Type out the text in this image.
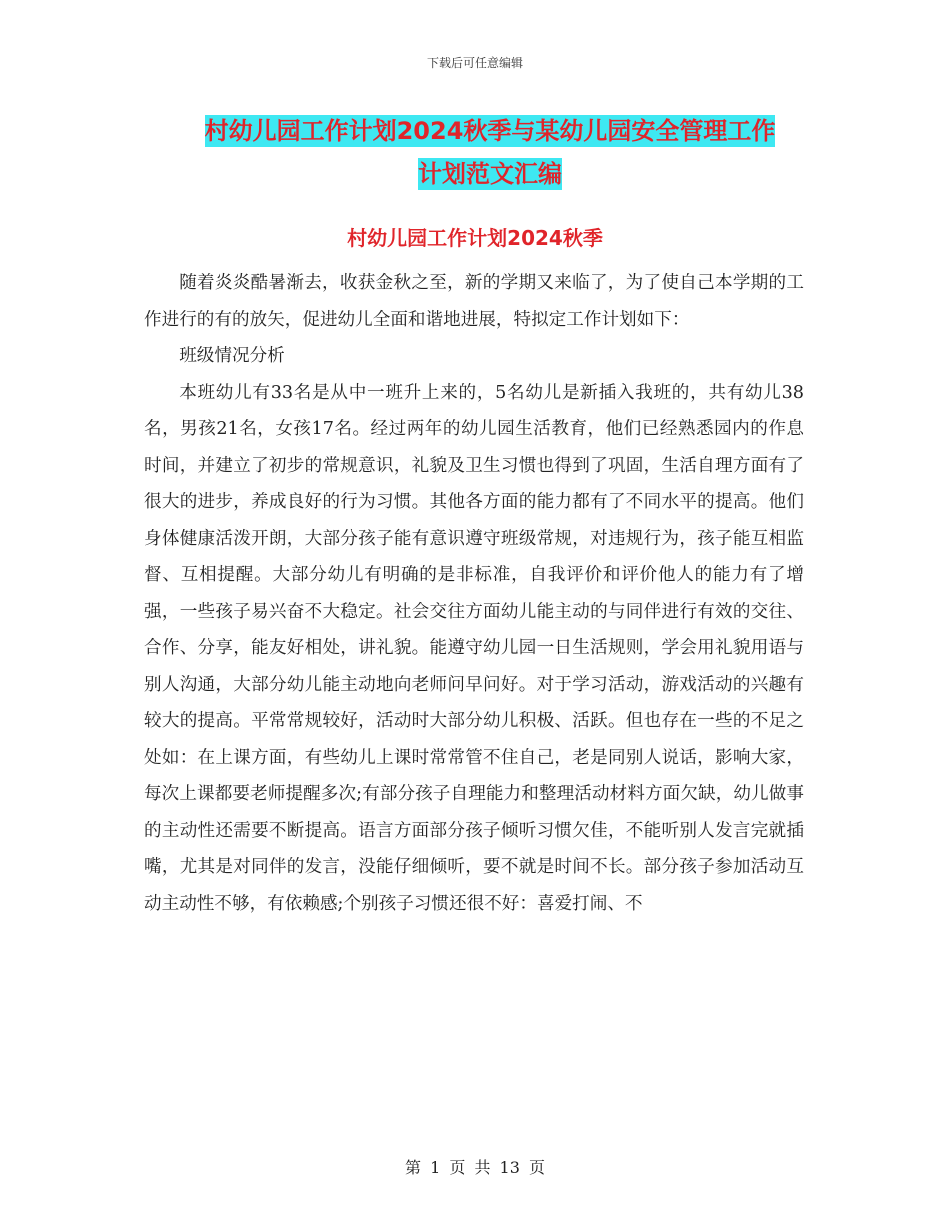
下载后可任意编辑
村幼儿园工作计划2024秋季与某幼儿园安全管理工作
计划范文汇编
村幼儿园工作计划2024秋季

随着炎炎酷暑渐去，收获金秋之至，新的学期又来临了，为了使自己本学期的工作进行的有的放矢，促进幼儿全面和谐地进展，特拟定工作计划如下：

班级情况分析

本班幼儿有33名是从中一班升上来的，5名幼儿是新插入我班的，共有幼儿38名，男孩21名，女孩17名。经过两年的幼儿园生活教育，他们已经熟悉园内的作息时间，并建立了初步的常规意识，礼貌及卫生习惯也得到了巩固，生活自理方面有了很大的进步，养成良好的行为习惯。其他各方面的能力都有了不同水平的提高。他们身体健康活泼开朗，大部分孩子能有意识遵守班级常规，对违规行为，孩子能互相监督、互相提醒。大部分幼儿有明确的是非标准，自我评价和评价他人的能力有了增强，一些孩子易兴奋不大稳定。社会交往方面幼儿能主动的与同伴进行有效的交往、合作、分享，能友好相处，讲礼貌。能遵守幼儿园一日生活规则，学会用礼貌用语与别人沟通，大部分幼儿能主动地向老师问早问好。对于学习活动，游戏活动的兴趣有较大的提高。平常常规较好，活动时大部分幼儿积极、活跃。但也存在一些的不足之处如：在上课方面，有些幼儿上课时常常管不住自己，老是同别人说话，影响大家，每次上课都要老师提醒多次;有部分孩子自理能力和整理活动材料方面欠缺，幼儿做事的主动性还需要不断提高。语言方面部分孩子倾听习惯欠佳，不能听别人发言完就插嘴，尤其是对同伴的发言，没能仔细倾听，要不就是时间不长。部分孩子参加活动互动主动性不够，有依赖感;个别孩子习惯还很不好：喜爱打闹、不

第 1 页 共 13 页
